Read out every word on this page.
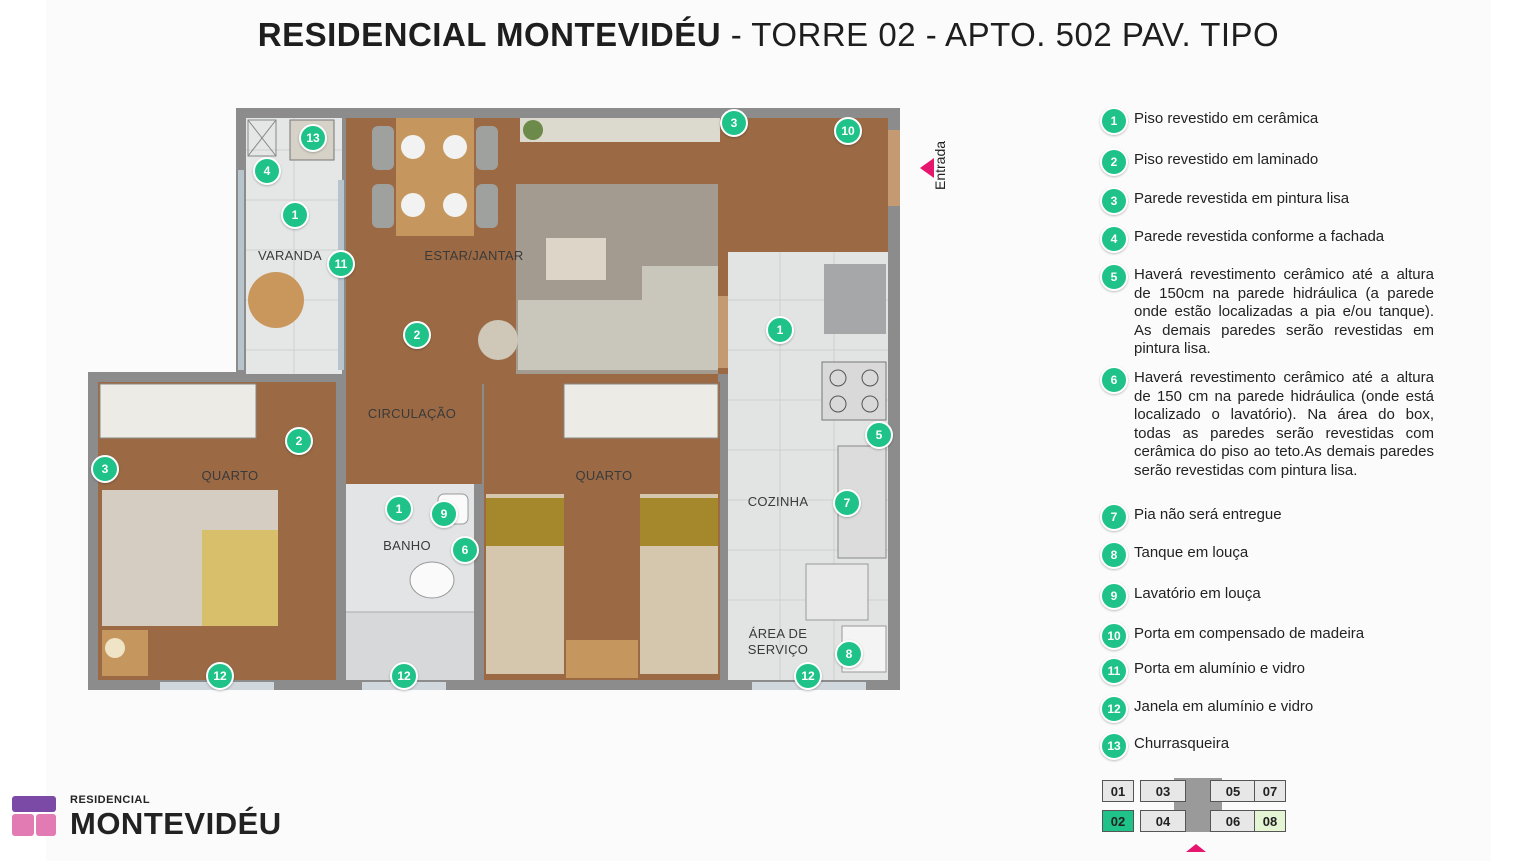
RESIDENCIAL MONTEVIDÉU - TORRE 02 - APTO. 502 PAV. TIPO
VARANDA	ESTAR/JANTAR
CIRCULAÇÃO
QUARTO	QUARTO
BANHO
COZINHA
ÁREA DE
SERVIÇO
13
4
1
11
3
10
2	1
2
3
1	9
6
5
7
8
12	12	12
Entrada
1	Piso revestido em cerâmica
2	Piso revestido em laminado
3	Parede revestida em pintura lisa
4	Parede revestida conforme a fachada
5	Haverá revestimento cerâmico até a altura de 150cm na parede hidráulica (a parede onde estão localizadas a pia e/ou tanque). As demais paredes serão revestidas em pintura lisa.
6	Haverá revestimento cerâmico até a altura de 150 cm na parede hidráulica (onde está localizado o lavatório). Na área do box, todas as paredes serão revestidas com cerâmica do piso ao teto.As demais paredes serão revestidas com pintura lisa.
7	Pia não será entregue
8	Tanque em louça
9	Lavatório em louça
10 Porta em compensado de madeira
11 Porta em alumínio e vidro
12 Janela em alumínio e vidro
13 Churrasqueira
01	03	05	07
02	04	06	08
RESIDENCIAL
MONTEVIDÉU
